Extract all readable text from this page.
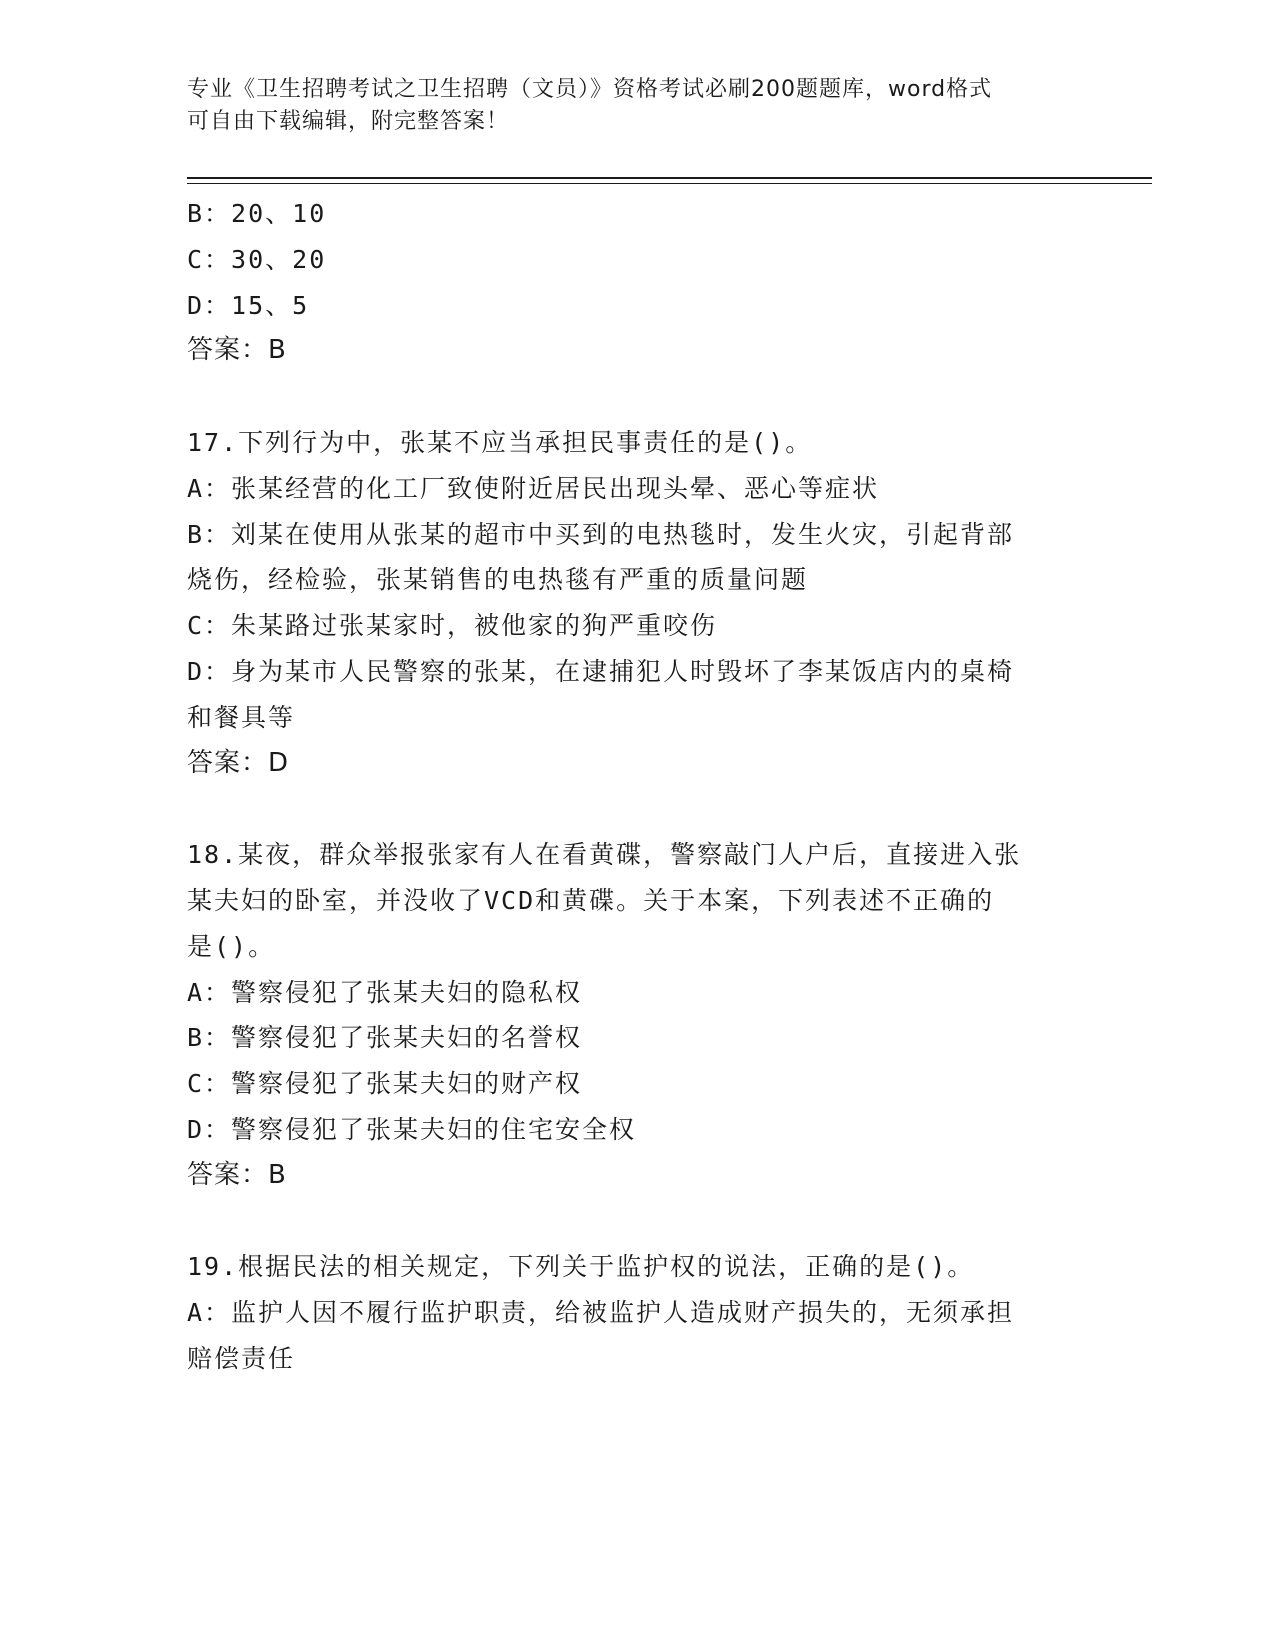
专业《卫生招聘考试之卫生招聘（文员）》资格考试必刷200题题库，word格式
可自由下载编辑，附完整答案！
B：20、10
C：30、20
D：15、5
答案：B
17.下列行为中，张某不应当承担民事责任的是()。
A：张某经营的化工厂致使附近居民出现头晕、恶心等症状
B：刘某在使用从张某的超市中买到的电热毯时，发生火灾，引起背部
烧伤，经检验，张某销售的电热毯有严重的质量问题
C：朱某路过张某家时，被他家的狗严重咬伤
D：身为某市人民警察的张某，在逮捕犯人时毁坏了李某饭店内的桌椅
和餐具等
答案：D
18.某夜，群众举报张家有人在看黄碟，警察敲门人户后，直接进入张
某夫妇的卧室，并没收了VCD和黄碟。关于本案，下列表述不正确的
是()。
A：警察侵犯了张某夫妇的隐私权
B：警察侵犯了张某夫妇的名誉权
C：警察侵犯了张某夫妇的财产权
D：警察侵犯了张某夫妇的住宅安全权
答案：B
19.根据民法的相关规定，下列关于监护权的说法，正确的是()。
A：监护人因不履行监护职责，给被监护人造成财产损失的，无须承担
赔偿责任
